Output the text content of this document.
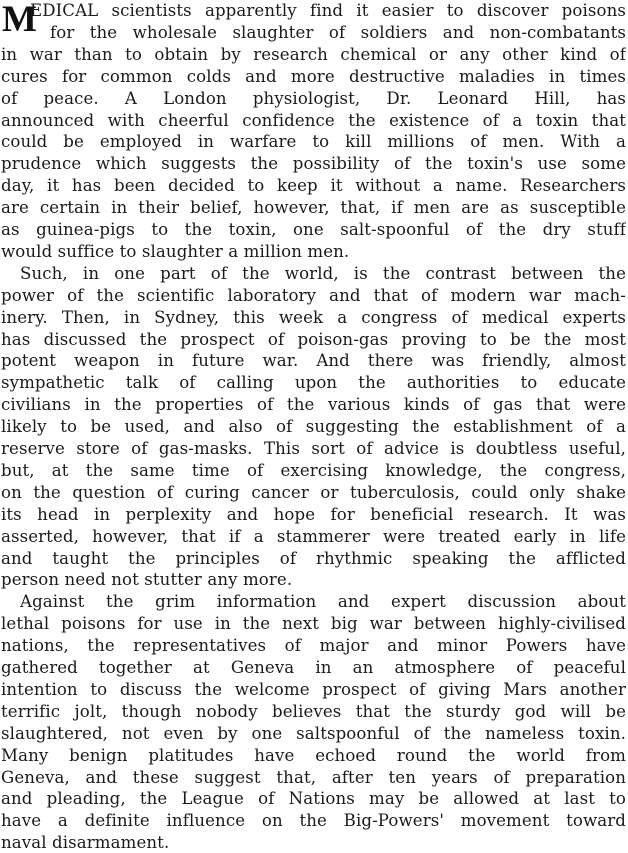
M
EDICAL scientists apparently find it easier to discover poisons
for the wholesale slaughter of soldiers and non-combatants
in war than to obtain by research chemical or any other kind of
cures for common colds and more destructive maladies in times
of peace. A London physiologist, Dr. Leonard Hill, has
announced with cheerful confidence the existence of a toxin that
could be employed in warfare to kill millions of men. With a
prudence which suggests the possibility of the toxin's use some
day, it has been decided to keep it without a name. Researchers
are certain in their belief, however, that, if men are as susceptible
as guinea-pigs to the toxin, one salt-spoonful of the dry stuff
would suffice to slaughter a million men.
Such, in one part of the world, is the contrast between the
power of the scientific laboratory and that of modern war mach-
inery. Then, in Sydney, this week a congress of medical experts
has discussed the prospect of poison-gas proving to be the most
potent weapon in future war. And there was friendly, almost
sympathetic talk of calling upon the authorities to educate
civilians in the properties of the various kinds of gas that were
likely to be used, and also of suggesting the establishment of a
reserve store of gas-masks. This sort of advice is doubtless useful,
but, at the same time of exercising knowledge, the congress,
on the question of curing cancer or tuberculosis, could only shake
its head in perplexity and hope for beneficial research. It was
asserted, however, that if a stammerer were treated early in life
and taught the principles of rhythmic speaking the afflicted
person need not stutter any more.
Against the grim information and expert discussion about
lethal poisons for use in the next big war between highly-civilised
nations, the representatives of major and minor Powers have
gathered together at Geneva in an atmosphere of peaceful
intention to discuss the welcome prospect of giving Mars another
terrific jolt, though nobody believes that the sturdy god will be
slaughtered, not even by one saltspoonful of the nameless toxin.
Many benign platitudes have echoed round the world from
Geneva, and these suggest that, after ten years of preparation
and pleading, the League of Nations may be allowed at last to
have a definite influence on the Big-Powers' movement toward
naval disarmament.
